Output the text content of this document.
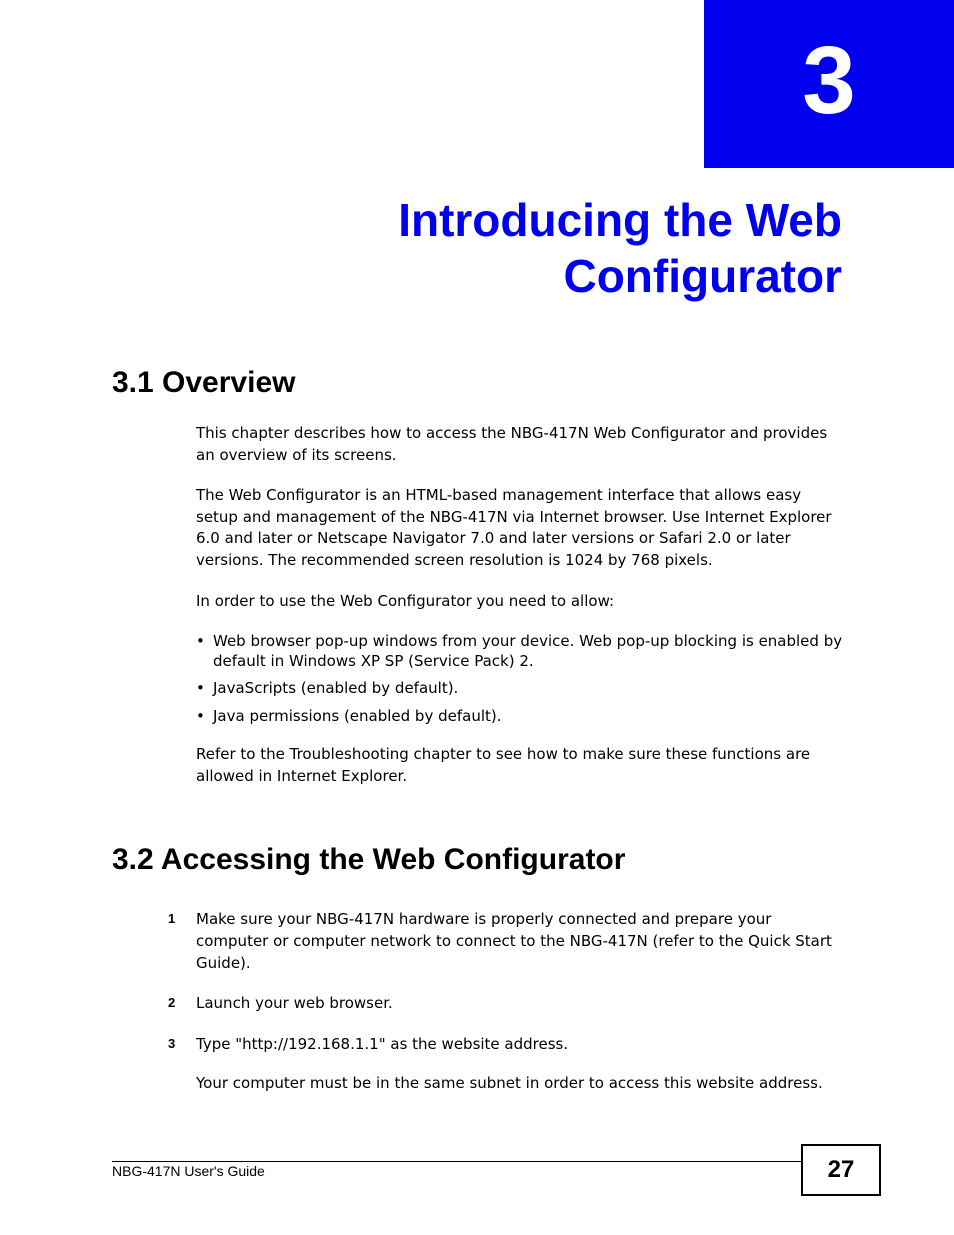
3
Introducing the Web
Configurator
3.1 Overview

This chapter describes how to access the NBG-417N Web Configurator and provides an overview of its screens.

The Web Configurator is an HTML-based management interface that allows easy setup and management of the NBG-417N via Internet browser. Use Internet Explorer 6.0 and later or Netscape Navigator 7.0 and later versions or Safari 2.0 or later versions. The recommended screen resolution is 1024 by 768 pixels.

In order to use the Web Configurator you need to allow:

• Web browser pop-up windows from your device. Web pop-up blocking is enabled by default in Windows XP SP (Service Pack) 2.
• JavaScripts (enabled by default).
• Java permissions (enabled by default).

Refer to the Troubleshooting chapter to see how to make sure these functions are allowed in Internet Explorer.

3.2 Accessing the Web Configurator
1	Make sure your NBG-417N hardware is properly connected and prepare your computer or computer network to connect to the NBG-417N (refer to the Quick Start Guide).
2	Launch your web browser.
3	Type "http://192.168.1.1" as the website address.

Your computer must be in the same subnet in order to access this website address.

NBG-417N User's Guide	27
